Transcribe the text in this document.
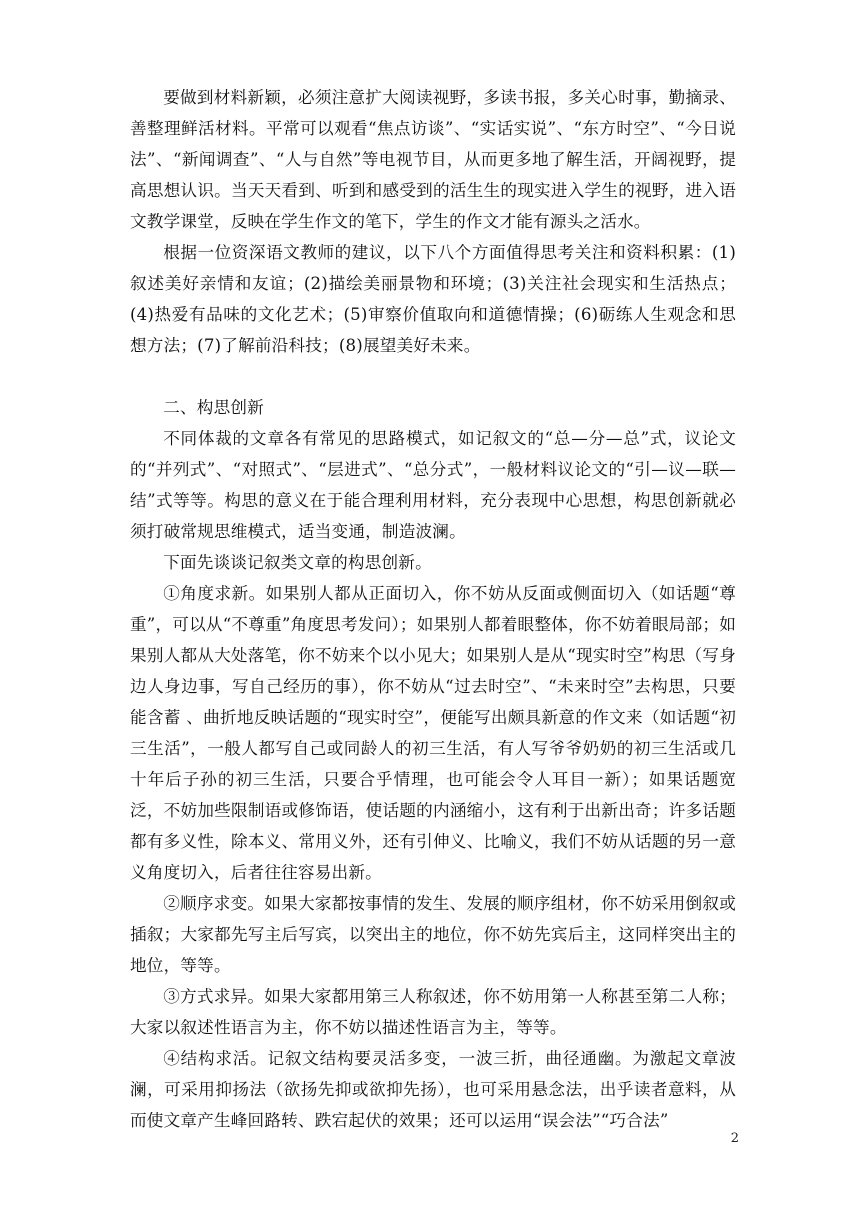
要做到材料新颖，必须注意扩大阅读视野，多读书报，多关心时事，勤摘录、善整理鲜活材料。平常可以观看“焦点访谈”、“实话实说”、“东方时空”、“今日说法”、“新闻调查”、“人与自然”等电视节目，从而更多地了解生活，开阔视野，提高思想认识。当天天看到、听到和感受到的活生生的现实进入学生的视野，进入语文教学课堂，反映在学生作文的笔下，学生的作文才能有源头之活水。

根据一位资深语文教师的建议，以下八个方面值得思考关注和资料积累：(1)叙述美好亲情和友谊；(2)描绘美丽景物和环境；(3)关注社会现实和生活热点；(4)热爱有品味的文化艺术；(5)审察价值取向和道德情操；(6)砺练人生观念和思想方法；(7)了解前沿科技；(8)展望美好未来。

二、构思创新

不同体裁的文章各有常见的思路模式，如记叙文的“总—分—总”式，议论文的“并列式”、“对照式”、“层进式”、“总分式”，一般材料议论文的“引—议—联—结”式等等。构思的意义在于能合理利用材料，充分表现中心思想，构思创新就必须打破常规思维模式，适当变通，制造波澜。

下面先谈谈记叙类文章的构思创新。

①角度求新。如果别人都从正面切入，你不妨从反面或侧面切入（如话题“尊重”，可以从“不尊重”角度思考发问）；如果别人都着眼整体，你不妨着眼局部；如果别人都从大处落笔，你不妨来个以小见大；如果别人是从“现实时空”构思（写身边人身边事，写自己经历的事），你不妨从“过去时空”、“未来时空”去构思，只要能含蓄 、曲折地反映话题的“现实时空”，便能写出颇具新意的作文来（如话题“初三生活”，一般人都写自己或同龄人的初三生活，有人写爷爷奶奶的初三生活或几十年后子孙的初三生活，只要合乎情理，也可能会令人耳目一新）；如果话题宽泛，不妨加些限制语或修饰语，使话题的内涵缩小，这有利于出新出奇；许多话题都有多义性，除本义、常用义外，还有引伸义、比喻义，我们不妨从话题的另一意义角度切入，后者往往容易出新。

②顺序求变。如果大家都按事情的发生、发展的顺序组材，你不妨采用倒叙或插叙；大家都先写主后写宾，以突出主的地位，你不妨先宾后主，这同样突出主的地位，等等。

③方式求异。如果大家都用第三人称叙述，你不妨用第一人称甚至第二人称；大家以叙述性语言为主，你不妨以描述性语言为主，等等。

④结构求活。记叙文结构要灵活多变，一波三折，曲径通幽。为激起文章波澜，可采用抑扬法（欲扬先抑或欲抑先扬），也可采用悬念法，出乎读者意料，从而使文章产生峰回路转、跌宕起伏的效果；还可以运用“误会法”“巧合法”

2
